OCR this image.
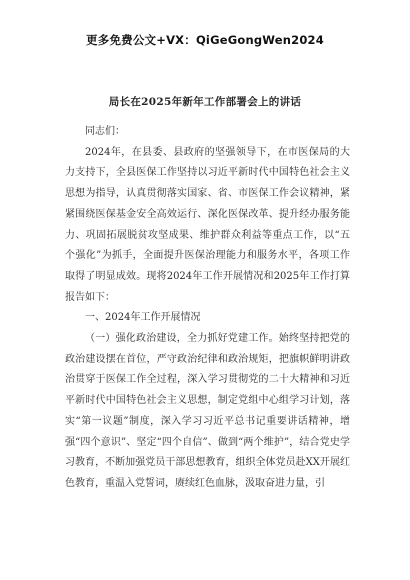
更多免费公文+VX：QiGeGongWen2024
局长在2025年新年工作部署会上的讲话
同志们：

2024年，在县委、县政府的坚强领导下，在市医保局的大力支持下，全县医保工作坚持以习近平新时代中国特色社会主义思想为指导，认真贯彻落实国家、省、市医保工作会议精神，紧紧围绕医保基金安全高效运行、深化医保改革、提升经办服务能力、巩固拓展脱贫攻坚成果、维护群众利益等重点工作，以“五个强化”为抓手，全面提升医保治理能力和服务水平，各项工作取得了明显成效。现将2024年工作开展情况和2025年工作打算报告如下：

一、2024年工作开展情况

（一）强化政治建设，全力抓好党建工作。始终坚持把党的政治建设摆在首位，严守政治纪律和政治规矩，把旗帜鲜明讲政治贯穿于医保工作全过程，深入学习贯彻党的二十大精神和习近平新时代中国特色社会主义思想，制定党组中心组学习计划，落实“第一议题”制度，深入学习习近平总书记重要讲话精神，增强“四个意识”、坚定“四个自信”、做到“两个维护”，结合党史学习教育，不断加强党员干部思想教育，组织全体党员赴XX开展红色教育，重温入党誓词，赓续红色血脉，汲取奋进力量，引
